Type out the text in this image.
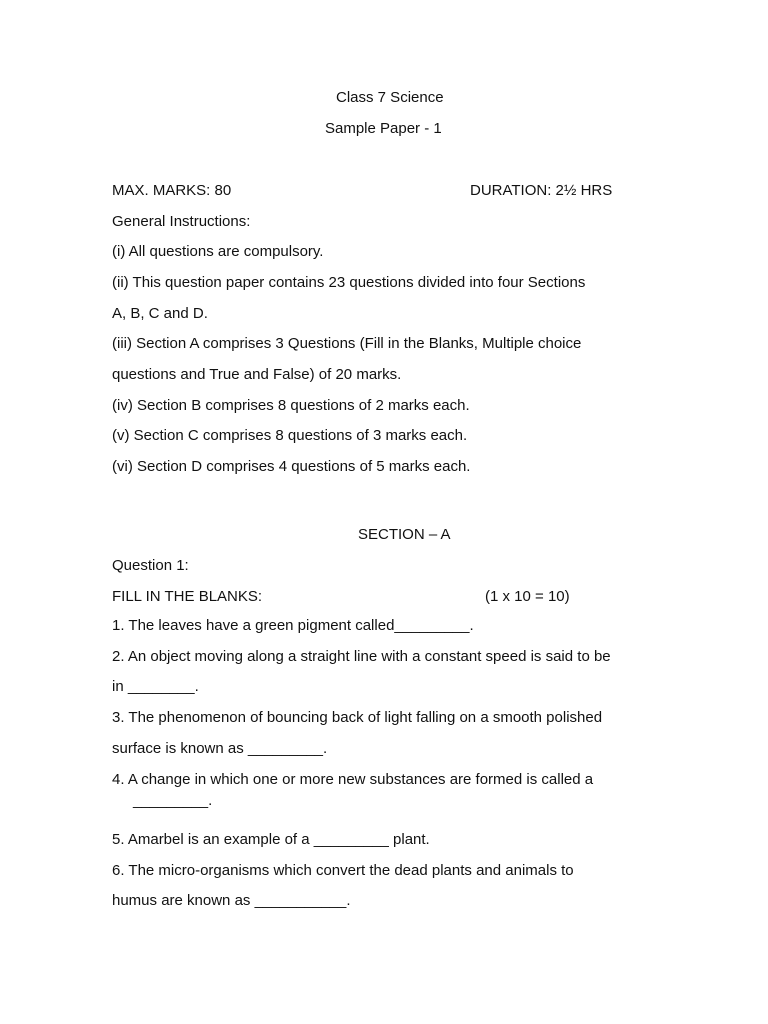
Class 7 Science
Sample Paper - 1
MAX. MARKS: 80	DURATION: 2½ HRS
General Instructions:
(i) All questions are compulsory.
(ii) This question paper contains 23 questions divided into four Sections
A, B, C and D.
(iii) Section A comprises 3 Questions (Fill in the Blanks, Multiple choice
questions and True and False) of 20 marks.
(iv) Section B comprises 8 questions of 2 marks each.
(v) Section C comprises 8 questions of 3 marks each.
(vi) Section D comprises 4 questions of 5 marks each.
SECTION – A
Question 1:
FILL IN THE BLANKS:	(1 x 10 = 10)
1. The leaves have a green pigment called_________.
2. An object moving along a straight line with a constant speed is said to be
in ________.
3. The phenomenon of bouncing back of light falling on a smooth polished
surface is known as _________.
4. A change in which one or more new substances are formed is called a
_________.
5. Amarbel is an example of a _________ plant.
6. The micro-organisms which convert the dead plants and animals to
humus are known as ___________.
